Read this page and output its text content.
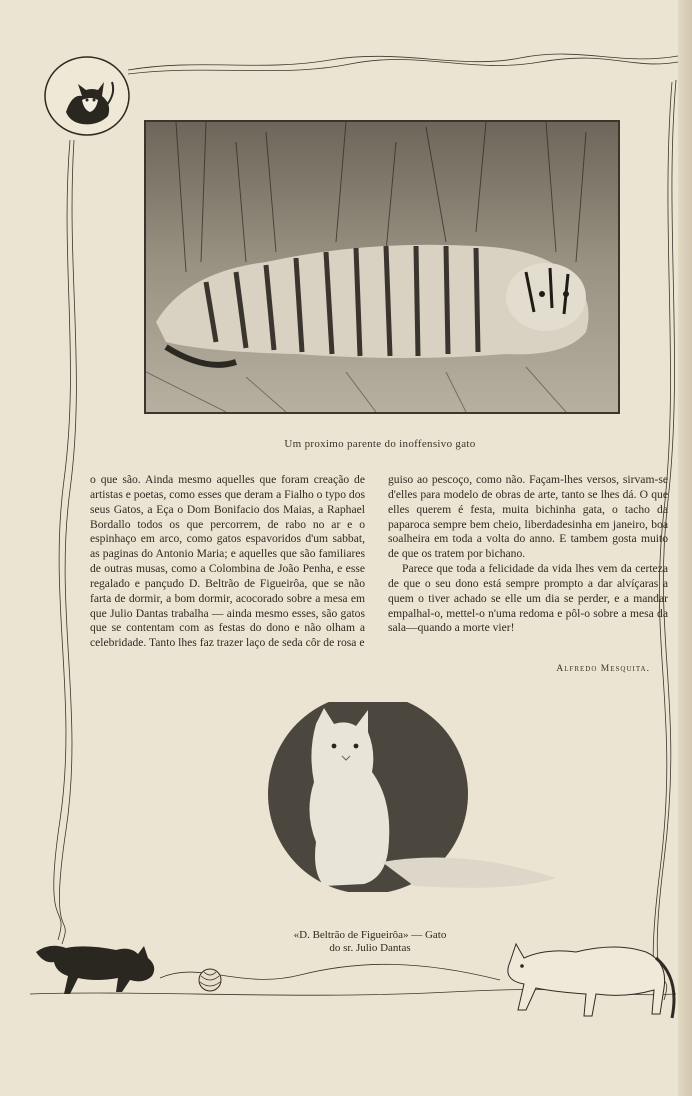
Um proximo parente do inoffensivo gato

o que são. Ainda mesmo aquelles que foram creação de artistas e poetas, como esses que deram a Fialho o typo dos seus Gatos, a Eça o Dom Bonifacio dos Maias, a Raphael Bordallo todos os que percorrem, de rabo no ar e o espinhaço em arco, como gatos espavoridos d'um sabbat, as paginas do Antonio Maria; e aquelles que são familiares de outras musas, como a Colombina de João Penha, e esse regalado e pançudo D. Beltrão de Figueirôa, que se não farta de dormir, a bom dormir, acocorado sobre a mesa em que Julio Dantas trabalha — ainda mesmo esses, são gatos que se contentam com as festas do dono e não olham a celebridade. Tanto lhes faz trazer laço de seda côr de rosa e

guiso ao pescoço, como não. Façam-lhes versos, sirvam-se d'elles para modelo de obras de arte, tanto se lhes dá. O que elles querem é festa, muita bichinha gata, o tacho da paparoca sempre bem cheio, liberdadesinha em janeiro, boa soalheira em toda a volta do anno. E tambem gosta muito de que os tratem por bichano.

Parece que toda a felicidade da vida lhes vem da certeza de que o seu dono está sempre prompto a dar alvíçaras a quem o tiver achado se elle um dia se perder, e a mandar empalhal-o, mettel-o n'uma redoma e pôl-o sobre a mesa da sala—quando a morte vier!

Alfredo Mesquita.
«D. Beltrão de Figueirôa» — Gato
do sr. Julio Dantas
